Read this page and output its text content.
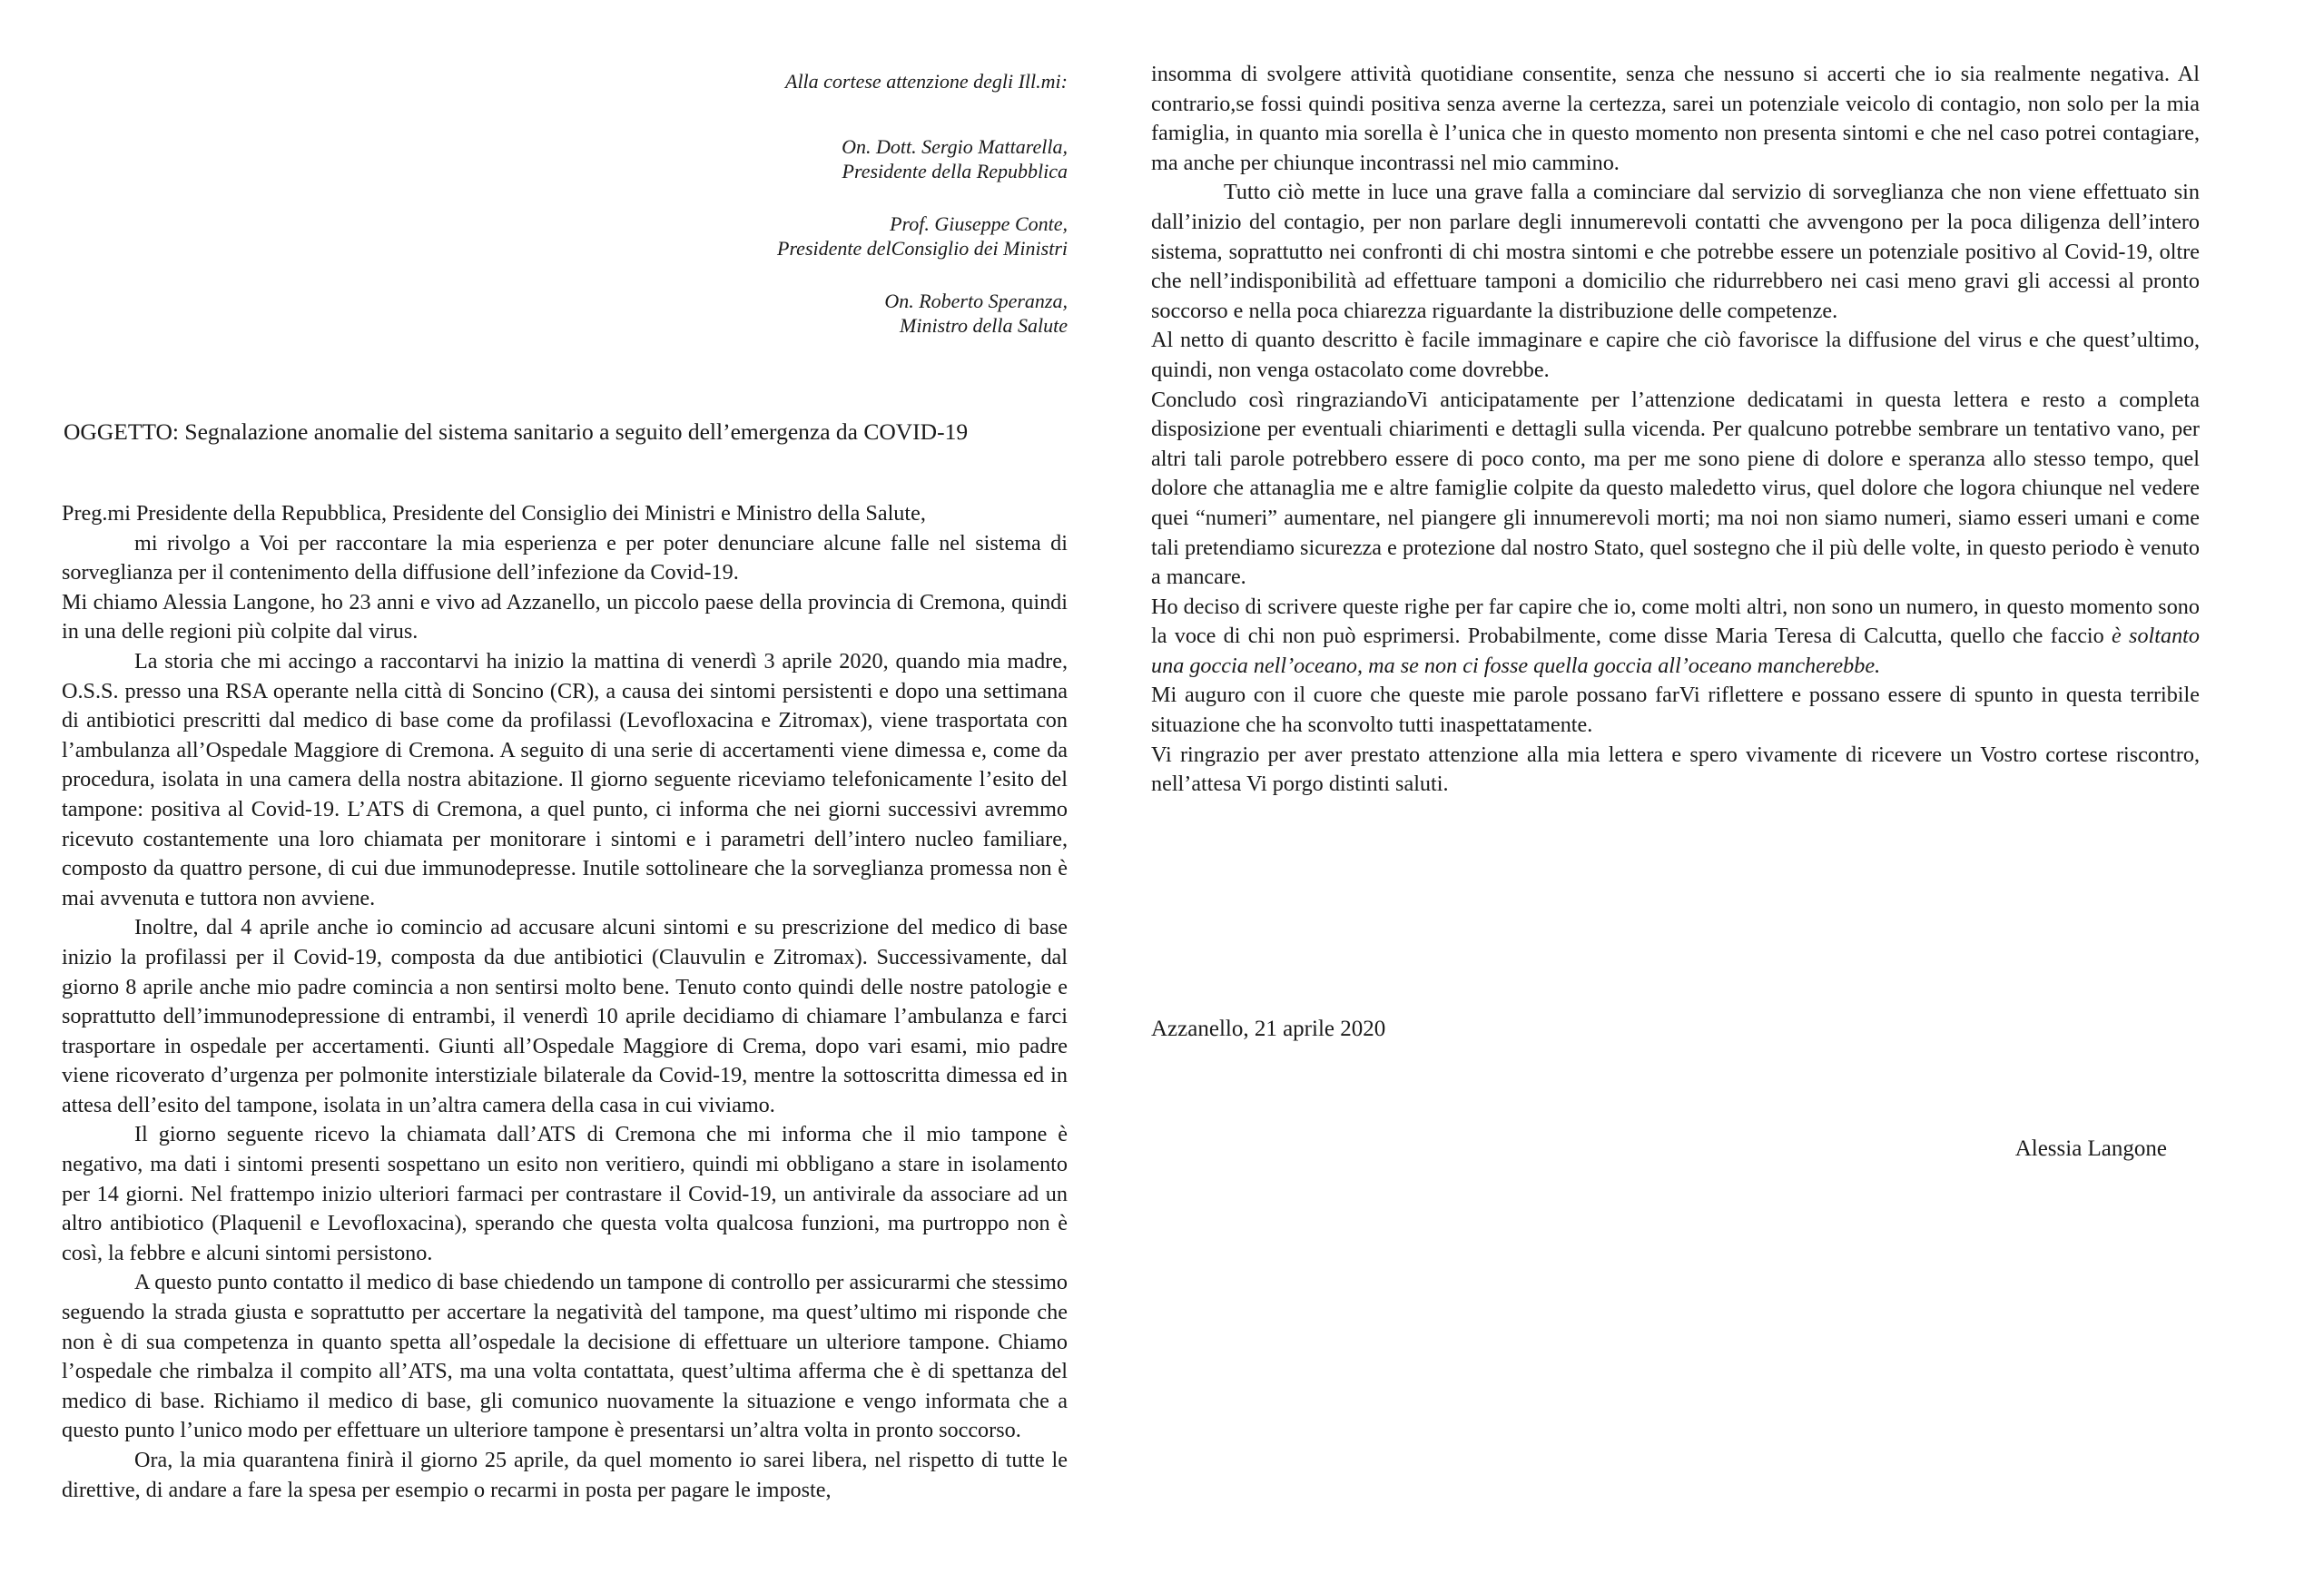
Alla cortese attenzione degli Ill.mi:

On. Dott. Sergio Mattarella,
Presidente della Repubblica

Prof. Giuseppe Conte,
Presidente delConsiglio dei Ministri

On. Roberto Speranza,
Ministro della Salute

OGGETTO: Segnalazione anomalie del sistema sanitario a seguito dell’emergenza da COVID-19

Preg.mi Presidente della Repubblica, Presidente del Consiglio dei Ministri e Ministro della Salute,

mi rivolgo a Voi per raccontare la mia esperienza e per poter denunciare alcune falle nel sistema di sorveglianza per il contenimento della diffusione dell’infezione da Covid-19.

Mi chiamo Alessia Langone, ho 23 anni e vivo ad Azzanello, un piccolo paese della provincia di Cremona, quindi in una delle regioni più colpite dal virus.

La storia che mi accingo a raccontarvi ha inizio la mattina di venerdì 3 aprile 2020, quando mia madre, O.S.S. presso una RSA operante nella città di Soncino (CR), a causa dei sintomi persistenti e dopo una settimana di antibiotici prescritti dal medico di base come da profilassi (Levofloxacina e Zitromax), viene trasportata con l’ambulanza all’Ospedale Maggiore di Cremona. A seguito di una serie di accertamenti viene dimessa e, come da procedura, isolata in una camera della nostra abitazione. Il giorno seguente riceviamo telefonicamente l’esito del tampone: positiva al Covid-19. L’ATS di Cremona, a quel punto, ci informa che nei giorni successivi avremmo ricevuto costantemente una loro chiamata per monitorare i sintomi e i parametri dell’intero nucleo familiare, composto da quattro persone, di cui due immunodepresse. Inutile sottolineare che la sorveglianza promessa non è mai avvenuta e tuttora non avviene.

Inoltre, dal 4 aprile anche io comincio ad accusare alcuni sintomi e su prescrizione del medico di base inizio la profilassi per il Covid-19, composta da due antibiotici (Clauvulin e Zitromax). Successivamente, dal giorno 8 aprile anche mio padre comincia a non sentirsi molto bene. Tenuto conto quindi delle nostre patologie e soprattutto dell’immunodepressione di entrambi, il venerdì 10 aprile decidiamo di chiamare l’ambulanza e farci trasportare in ospedale per accertamenti. Giunti all’Ospedale Maggiore di Crema, dopo vari esami, mio padre viene ricoverato d’urgenza per polmonite interstiziale bilaterale da Covid-19, mentre la sottoscritta dimessa ed in attesa dell’esito del tampone, isolata in un’altra camera della casa in cui viviamo.

Il giorno seguente ricevo la chiamata dall’ATS di Cremona che mi informa che il mio tampone è negativo, ma dati i sintomi presenti sospettano un esito non veritiero, quindi mi obbligano a stare in isolamento per 14 giorni. Nel frattempo inizio ulteriori farmaci per contrastare il Covid-19, un antivirale da associare ad un altro antibiotico (Plaquenil e Levofloxacina), sperando che questa volta qualcosa funzioni, ma purtroppo non è così, la febbre e alcuni sintomi persistono.

A questo punto contatto il medico di base chiedendo un tampone di controllo per assicurarmi che stessimo seguendo la strada giusta e soprattutto per accertare la negatività del tampone, ma quest’ultimo mi risponde che non è di sua competenza in quanto spetta all’ospedale la decisione di effettuare un ulteriore tampone. Chiamo l’ospedale che rimbalza il compito all’ATS, ma una volta contattata, quest’ultima afferma che è di spettanza del medico di base. Richiamo il medico di base, gli comunico nuovamente la situazione e vengo informata che a questo punto l’unico modo per effettuare un ulteriore tampone è presentarsi un’altra volta in pronto soccorso.

Ora, la mia quarantena finirà il giorno 25 aprile, da quel momento io sarei libera, nel rispetto di tutte le direttive, di andare a fare la spesa per esempio o recarmi in posta per pagare le imposte,

insomma di svolgere attività quotidiane consentite, senza che nessuno si accerti che io sia realmente negativa. Al contrario,se fossi quindi positiva senza averne la certezza, sarei un potenziale veicolo di contagio, non solo per la mia famiglia, in quanto mia sorella è l’unica che in questo momento non presenta sintomi e che nel caso potrei contagiare, ma anche per chiunque incontrassi nel mio cammino.

Tutto ciò mette in luce una grave falla a cominciare dal servizio di sorveglianza che non viene effettuato sin dall’inizio del contagio, per non parlare degli innumerevoli contatti che avvengono per la poca diligenza dell’intero sistema, soprattutto nei confronti di chi mostra sintomi e che potrebbe essere un potenziale positivo al Covid-19, oltre che nell’indisponibilità ad effettuare tamponi a domicilio che ridurrebbero nei casi meno gravi gli accessi al pronto soccorso e nella poca chiarezza riguardante la distribuzione delle competenze.

Al netto di quanto descritto è facile immaginare e capire che ciò favorisce la diffusione del virus e che quest’ultimo, quindi, non venga ostacolato come dovrebbe.

Concludo così ringraziandoVi anticipatamente per l’attenzione dedicatami in questa lettera e resto a completa disposizione per eventuali chiarimenti e dettagli sulla vicenda. Per qualcuno potrebbe sembrare un tentativo vano, per altri tali parole potrebbero essere di poco conto, ma per me sono piene di dolore e speranza allo stesso tempo, quel dolore che attanaglia me e altre famiglie colpite da questo maledetto virus, quel dolore che logora chiunque nel vedere quei “numeri” aumentare, nel piangere gli innumerevoli morti; ma noi non siamo numeri, siamo esseri umani e come tali pretendiamo sicurezza e protezione dal nostro Stato, quel sostegno che il più delle volte, in questo periodo è venuto a mancare.

Ho deciso di scrivere queste righe per far capire che io, come molti altri, non sono un numero, in questo momento sono la voce di chi non può esprimersi. Probabilmente, come disse Maria Teresa di Calcutta, quello che faccio è soltanto una goccia nell’oceano, ma se non ci fosse quella goccia all’oceano mancherebbe.

Mi auguro con il cuore che queste mie parole possano farVi riflettere e possano essere di spunto in questa terribile situazione che ha sconvolto tutti inaspettatamente.

Vi ringrazio per aver prestato attenzione alla mia lettera e spero vivamente di ricevere un Vostro cortese riscontro, nell’attesa Vi porgo distinti saluti.

Azzanello, 21 aprile 2020
Alessia Langone
